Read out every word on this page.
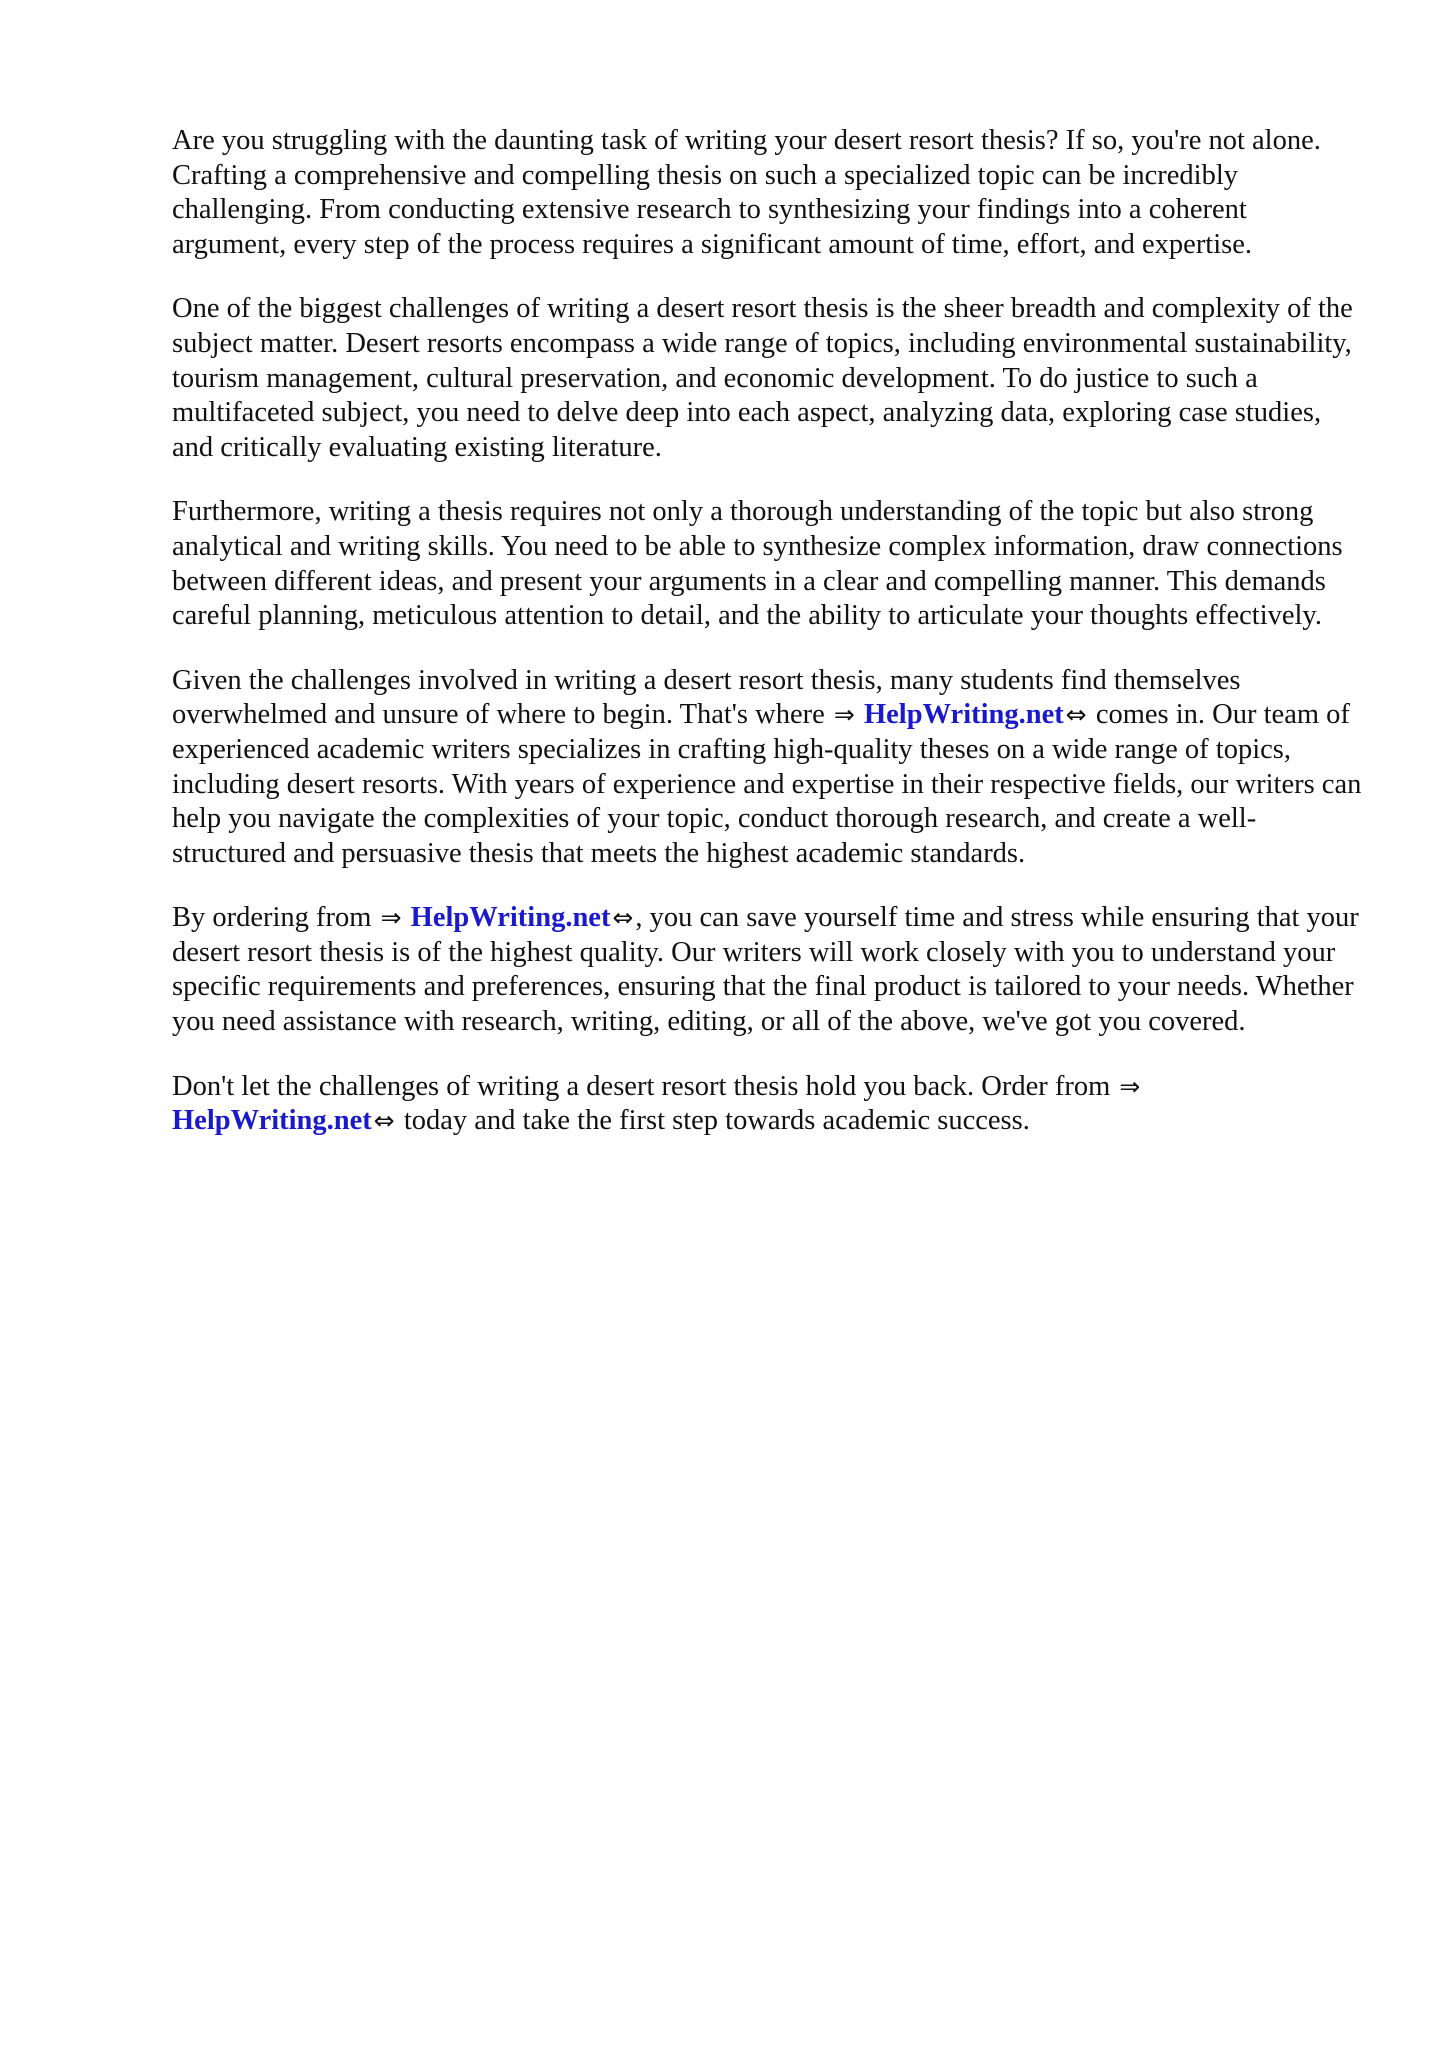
Are you struggling with the daunting task of writing your desert resort thesis? If so, you're not alone. Crafting a comprehensive and compelling thesis on such a specialized topic can be incredibly challenging. From conducting extensive research to synthesizing your findings into a coherent argument, every step of the process requires a significant amount of time, effort, and expertise.

One of the biggest challenges of writing a desert resort thesis is the sheer breadth and complexity of the subject matter. Desert resorts encompass a wide range of topics, including environmental sustainability, tourism management, cultural preservation, and economic development. To do justice to such a multifaceted subject, you need to delve deep into each aspect, analyzing data, exploring case studies, and critically evaluating existing literature.

Furthermore, writing a thesis requires not only a thorough understanding of the topic but also strong analytical and writing skills. You need to be able to synthesize complex information, draw connections between different ideas, and present your arguments in a clear and compelling manner. This demands careful planning, meticulous attention to detail, and the ability to articulate your thoughts effectively.

Given the challenges involved in writing a desert resort thesis, many students find themselves overwhelmed and unsure of where to begin. That's where ⇒ HelpWriting.net⇔ comes in. Our team of experienced academic writers specializes in crafting high-quality theses on a wide range of topics, including desert resorts. With years of experience and expertise in their respective fields, our writers can help you navigate the complexities of your topic, conduct thorough research, and create a well-structured and persuasive thesis that meets the highest academic standards.

By ordering from ⇒ HelpWriting.net⇔, you can save yourself time and stress while ensuring that your desert resort thesis is of the highest quality. Our writers will work closely with you to understand your specific requirements and preferences, ensuring that the final product is tailored to your needs. Whether you need assistance with research, writing, editing, or all of the above, we've got you covered.

Don't let the challenges of writing a desert resort thesis hold you back. Order from ⇒ HelpWriting.net⇔ today and take the first step towards academic success.
